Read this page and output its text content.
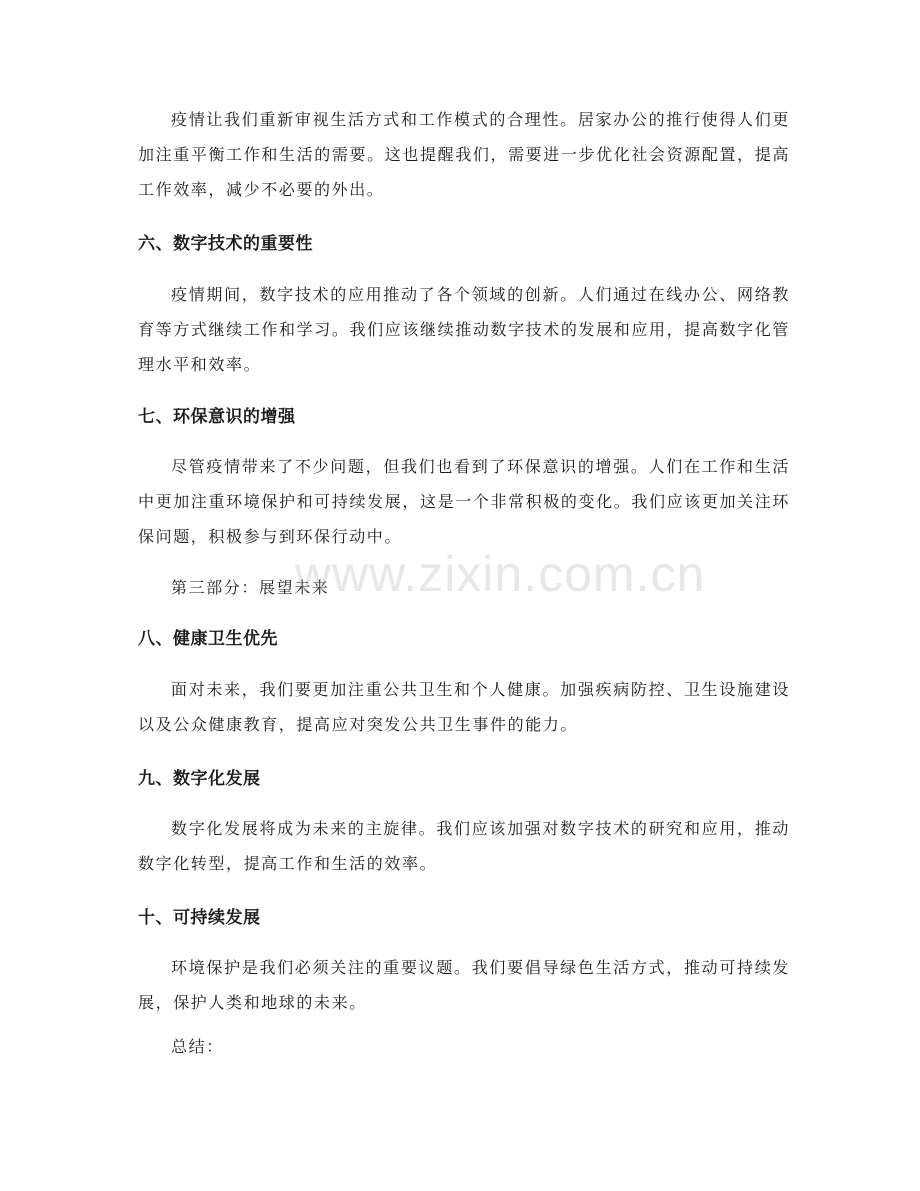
疫情让我们重新审视生活方式和工作模式的合理性。居家办公的推行使得人们更加注重平衡工作和生活的需要。这也提醒我们，需要进一步优化社会资源配置，提高工作效率，减少不必要的外出。

六、数字技术的重要性

疫情期间，数字技术的应用推动了各个领域的创新。人们通过在线办公、网络教育等方式继续工作和学习。我们应该继续推动数字技术的发展和应用，提高数字化管理水平和效率。

七、环保意识的增强

尽管疫情带来了不少问题，但我们也看到了环保意识的增强。人们在工作和生活中更加注重环境保护和可持续发展，这是一个非常积极的变化。我们应该更加关注环保问题，积极参与到环保行动中。

第三部分：展望未来

八、健康卫生优先

面对未来，我们要更加注重公共卫生和个人健康。加强疾病防控、卫生设施建设以及公众健康教育，提高应对突发公共卫生事件的能力。

九、数字化发展

数字化发展将成为未来的主旋律。我们应该加强对数字技术的研究和应用，推动数字化转型，提高工作和生活的效率。

十、可持续发展

环境保护是我们必须关注的重要议题。我们要倡导绿色生活方式，推动可持续发展，保护人类和地球的未来。

总结：

www.zixin.com.cn
